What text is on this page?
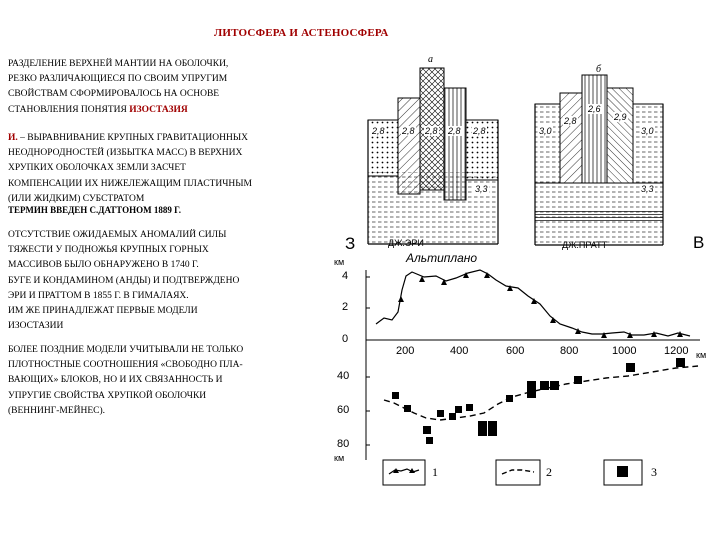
ЛИТОСФЕРА И АСТЕНОСФЕРА
РАЗДЕЛЕНИЕ ВЕРХНЕЙ МАНТИИ НА ОБОЛОЧКИ,
РЕЗКО РАЗЛИЧАЮЩИЕСЯ ПО СВОИМ УПРУГИМ
СВОЙСТВАМ СФОРМИРОВАЛОСЬ НА ОСНОВЕ
СТАНОВЛЕНИЯ ПОНЯТИЯ ИЗОСТАЗИЯ
И. – ВЫРАВНИВАНИЕ КРУПНЫХ ГРАВИТАЦИОННЫХ
НЕОДНОРОДНОСТЕЙ (ИЗБЫТКА МАСС) В ВЕРХНИХ
ХРУПКИХ ОБОЛОЧКАХ ЗЕМЛИ ЗАСЧЕТ
КОМПЕНСАЦИИ ИХ НИЖЕЛЕЖАЩИМ ПЛАСТИЧНЫМ
(ИЛИ ЖИДКИМ) СУБСТРАТОМ
ТЕРМИН ВВЕДЕН С.ДАТТОНОМ 1889 Г.
ОТСУТСТВИЕ ОЖИДАЕМЫХ АНОМАЛИЙ СИЛЫ
ТЯЖЕСТИ У ПОДНОЖЬЯ КРУПНЫХ ГОРНЫХ
МАССИВОВ БЫЛО ОБНАРУЖЕНО В 1740 Г.
БУГЕ И КОНДАМИНОМ (АНДЫ) И ПОДТВЕРЖДЕНО
ЭРИ И ПРАТТОМ В 1855 Г. В ГИМАЛАЯХ.
ИМ ЖЕ ПРИНАДЛЕЖАТ ПЕРВЫЕ МОДЕЛИ
ИЗОСТАЗИИ
БОЛЕЕ ПОЗДНИЕ МОДЕЛИ УЧИТЫВАЛИ НЕ ТОЛЬКО
ПЛОТНОСТНЫЕ СООТНОШЕНИЯ «СВОБОДНО ПЛА-
ВАЮЩИХ» БЛОКОВ, НО И ИХ СВЯЗАННОСТЬ И
УПРУГИЕ СВОЙСТВА ХРУПКОЙ ОБОЛОЧКИ
(ВЕННИНГ-МЕЙНЕС).
а
б
2,8 2,8 2,8 2,8 2,8
3,3
3,0
2,8
2,6
2,9
3,0
3,3
З	В
ДЖ.ЭРИ	ДЖ.ПРАТТ
Альтиплано
км
4
2
0
200	400	600	800	1000	1200 км
40
60
80
км
1	2	3
